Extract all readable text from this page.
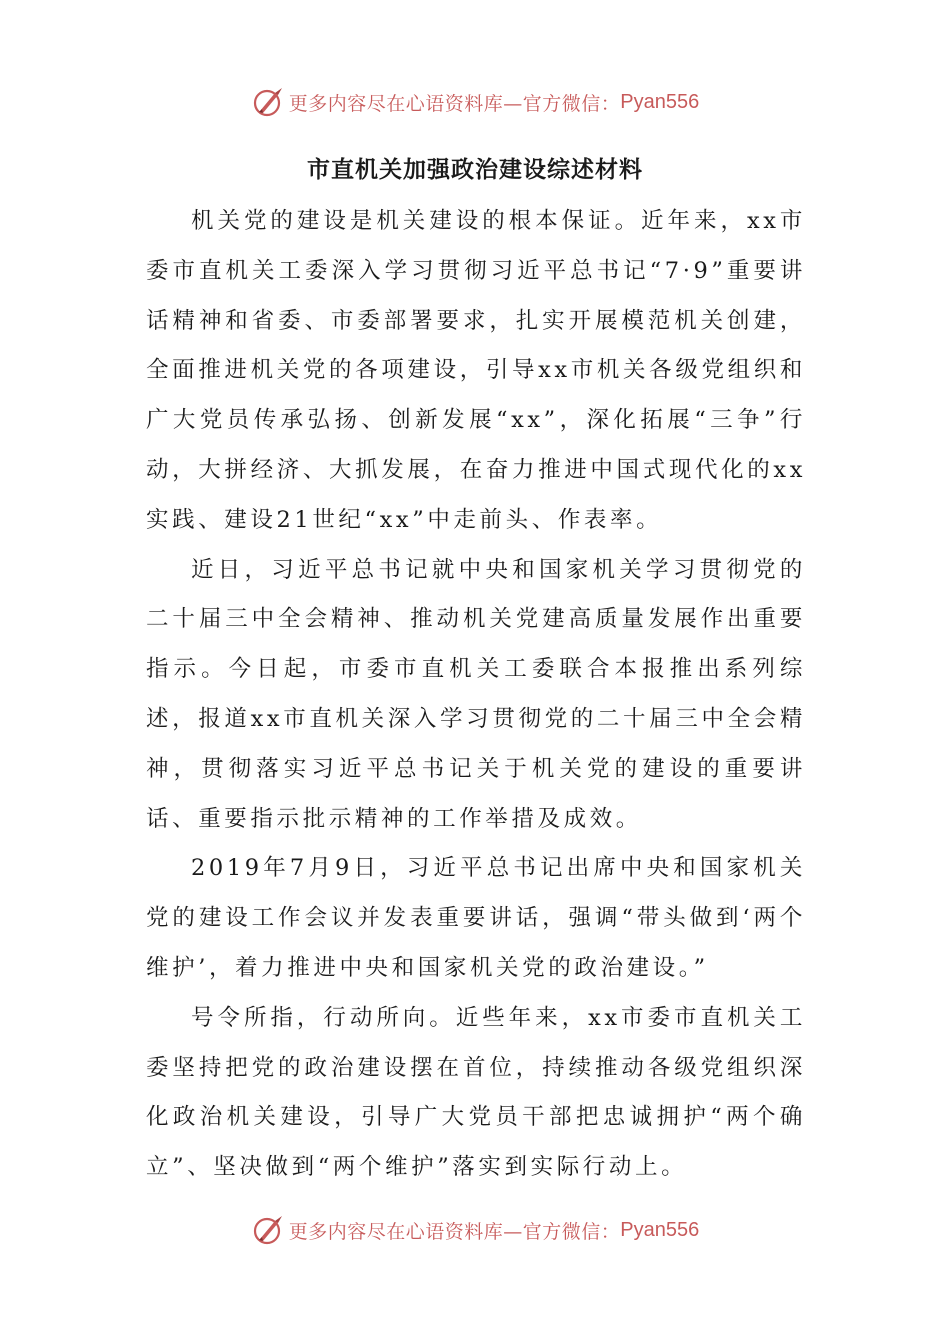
更多内容尽在心语资料库—官方微信： Pyan556
市直机关加强政治建设综述材料

机关党的建设是机关建设的根本保证。近年来，xx市委市直机关工委深入学习贯彻习近平总书记“7·9”重要讲话精神和省委、市委部署要求，扎实开展模范机关创建，全面推进机关党的各项建设，引导xx市机关各级党组织和广大党员传承弘扬、创新发展“xx”，深化拓展“三争”行动，大拼经济、大抓发展，在奋力推进中国式现代化的xx实践、建设21世纪“xx”中走前头、作表率。

近日，习近平总书记就中央和国家机关学习贯彻党的二十届三中全会精神、推动机关党建高质量发展作出重要指示。今日起，市委市直机关工委联合本报推出系列综述，报道xx市直机关深入学习贯彻党的二十届三中全会精神，贯彻落实习近平总书记关于机关党的建设的重要讲话、重要指示批示精神的工作举措及成效。

2019年7月9日，习近平总书记出席中央和国家机关党的建设工作会议并发表重要讲话，强调“带头做到‘两个维护’，着力推进中央和国家机关党的政治建设。”

号令所指，行动所向。近些年来，xx市委市直机关工委坚持把党的政治建设摆在首位，持续推动各级党组织深化政治机关建设，引导广大党员干部把忠诚拥护“两个确立”、坚决做到“两个维护”落实到实际行动上。

更多内容尽在心语资料库—官方微信： Pyan556
